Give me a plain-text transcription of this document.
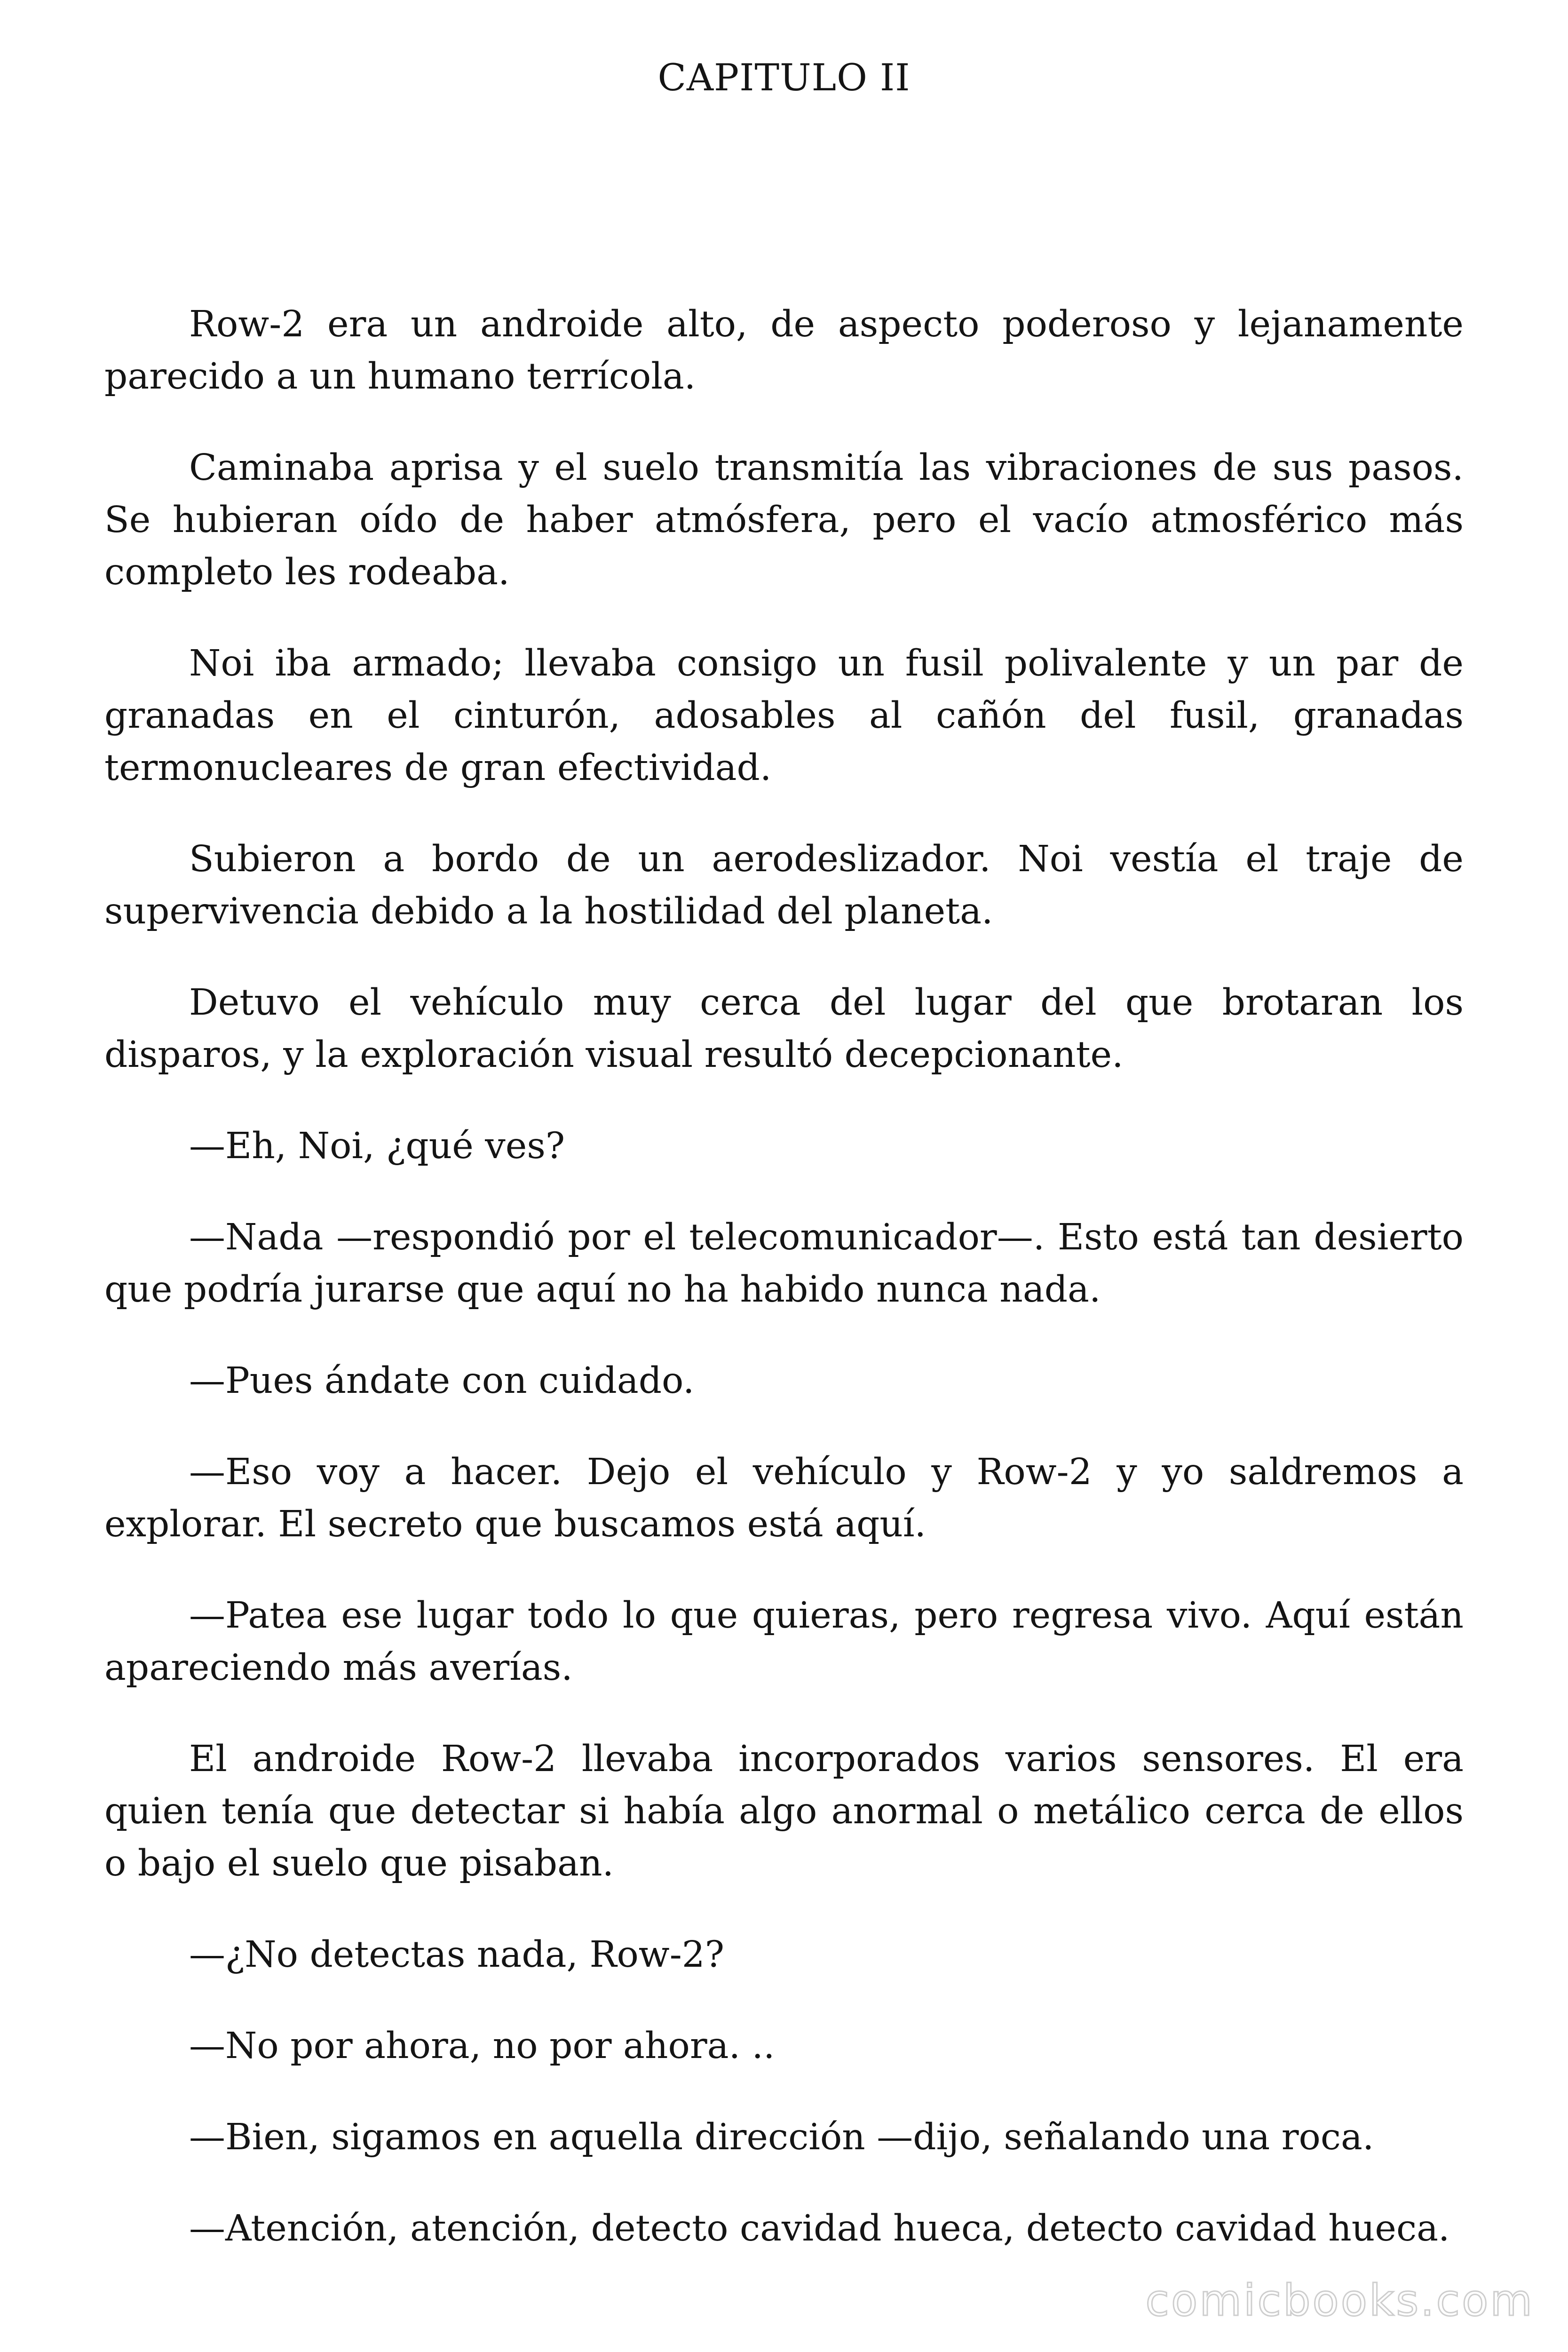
CAPITULO II

Row-2 era un androide alto, de aspecto poderoso y lejanamente parecido a un humano terrícola.

Caminaba aprisa y el suelo transmitía las vibraciones de sus pasos. Se hubieran oído de haber atmósfera, pero el vacío atmosférico más completo les rodeaba.

Noi iba armado; llevaba consigo un fusil polivalente y un par de granadas en el cinturón, adosables al cañón del fusil, granadas termonucleares de gran efectividad.

Subieron a bordo de un aerodeslizador. Noi vestía el traje de supervivencia debido a la hostilidad del planeta.

Detuvo el vehículo muy cerca del lugar del que brotaran los disparos, y la exploración visual resultó decepcionante.

—Eh, Noi, ¿qué ves?

—Nada —respondió por el telecomunicador—. Esto está tan desierto que podría jurarse que aquí no ha habido nunca nada.

—Pues ándate con cuidado.

—Eso voy a hacer. Dejo el vehículo y Row-2 y yo saldremos a explorar. El secreto que buscamos está aquí.

—Patea ese lugar todo lo que quieras, pero regresa vivo. Aquí están apareciendo más averías.

El androide Row-2 llevaba incorporados varios sensores. El era quien tenía que detectar si había algo anormal o metálico cerca de ellos o bajo el suelo que pisaban.

—¿No detectas nada, Row-2?

—No por ahora, no por ahora. ..

—Bien, sigamos en aquella dirección —dijo, señalando una roca.

—Atención, atención, detecto cavidad hueca, detecto cavidad hueca.

comicbooks.com
